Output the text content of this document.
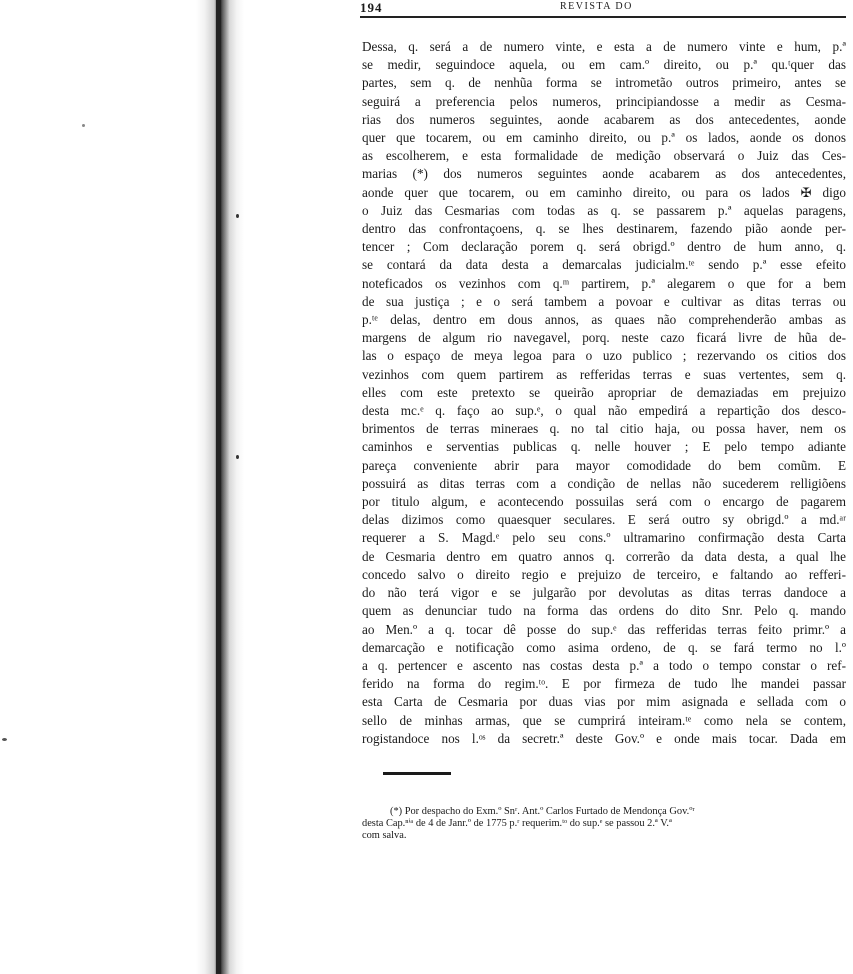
194	REVISTA DO
Dessa, q. será a de numero vinte, e esta a de numero vinte e hum, p.ª
se medir, seguindoce aquela, ou em cam.º direito, ou p.ª qu.ᵗquer das
partes, sem q. de nenhũa forma se intrometão outros primeiro, antes se
seguirá a preferencia pelos numeros, principiandosse a medir as Cesma-
rias dos numeros seguintes, aonde acabarem as dos antecedentes, aonde
quer que tocarem, ou em caminho direito, ou p.ª os lados, aonde os donos
as escolherem, e esta formalidade de medição observará o Juiz das Ces-
marias (*) dos numeros seguintes aonde acabarem as dos antecedentes,
aonde quer que tocarem, ou em caminho direito, ou para os lados ✠ digo
o Juiz das Cesmarias com todas as q. se passarem p.ª aquelas paragens,
dentro das confrontaçoens, q. se lhes destinarem, fazendo pião aonde per-
tencer ; Com declaração porem q. será obrigd.º dentro de hum anno, q.
se contará da data desta a demarcalas judicialm.ᵗᵉ sendo p.ª esse efeito
noteficados os vezinhos com q.ᵐ partirem, p.ª alegarem o que for a bem
de sua justiça ; e o será tambem a povoar e cultivar as ditas terras ou
p.ᵗᵉ delas, dentro em dous annos, as quaes não comprehenderão ambas as
margens de algum rio navegavel, porq. neste cazo ficará livre de hũa de-
las o espaço de meya legoa para o uzo publico ; rezervando os citios dos
vezinhos com quem partirem as refferidas terras e suas vertentes, sem q.
elles com este pretexto se queirão apropriar de demaziadas em prejuizo
desta mc.ᵉ q. faço ao sup.ᵉ, o qual não empedirá a repartição dos desco-
brimentos de terras mineraes q. no tal citio haja, ou possa haver, nem os
caminhos e serventias publicas q. nelle houver ; E pelo tempo adiante
pareça conveniente abrir para mayor comodidade do bem comũm. E
possuirá as ditas terras com a condição de nellas não sucederem relligiõens
por titulo algum, e acontecendo possuilas será com o encargo de pagarem
delas dizimos como quaesquer seculares. E será outro sy obrigd.º a md.ᵃʳ
requerer a S. Magd.ᵉ pelo seu cons.º ultramarino confirmação desta Carta
de Cesmaria dentro em quatro annos q. correrão da data desta, a qual lhe
concedo salvo o direito regio e prejuizo de terceiro, e faltando ao refferi-
do não terá vigor e se julgarão por devolutas as ditas terras dandoce a
quem as denunciar tudo na forma das ordens do dito Snr. Pelo q. mando
ao Men.º a q. tocar dê posse do sup.ᵉ das refferidas terras feito primr.º a
demarcação e notificação como asima ordeno, de q. se fará termo no l.º
a q. pertencer e ascento nas costas desta p.ª a todo o tempo constar o ref-
ferido na forma do regim.ᵗᵒ. E por firmeza de tudo lhe mandei passar
esta Carta de Cesmaria por duas vias por mim asignada e sellada com o
sello de minhas armas, que se cumprirá inteiram.ᵗᵉ como nela se contem,
rogistandoce nos l.ᵒˢ da secretr.ª deste Gov.º e onde mais tocar. Dada em
(*) Por despacho do Exm.º Snʳ. Ant.º Carlos Furtado de Mendonça Gov.ºʳ
desta Cap.ⁿⁱᵃ de 4 de Janr.º de 1775 p.ʳ requerim.ᵗᵒ do sup.ᵉ se passou 2.ª V.ª
com salva.
